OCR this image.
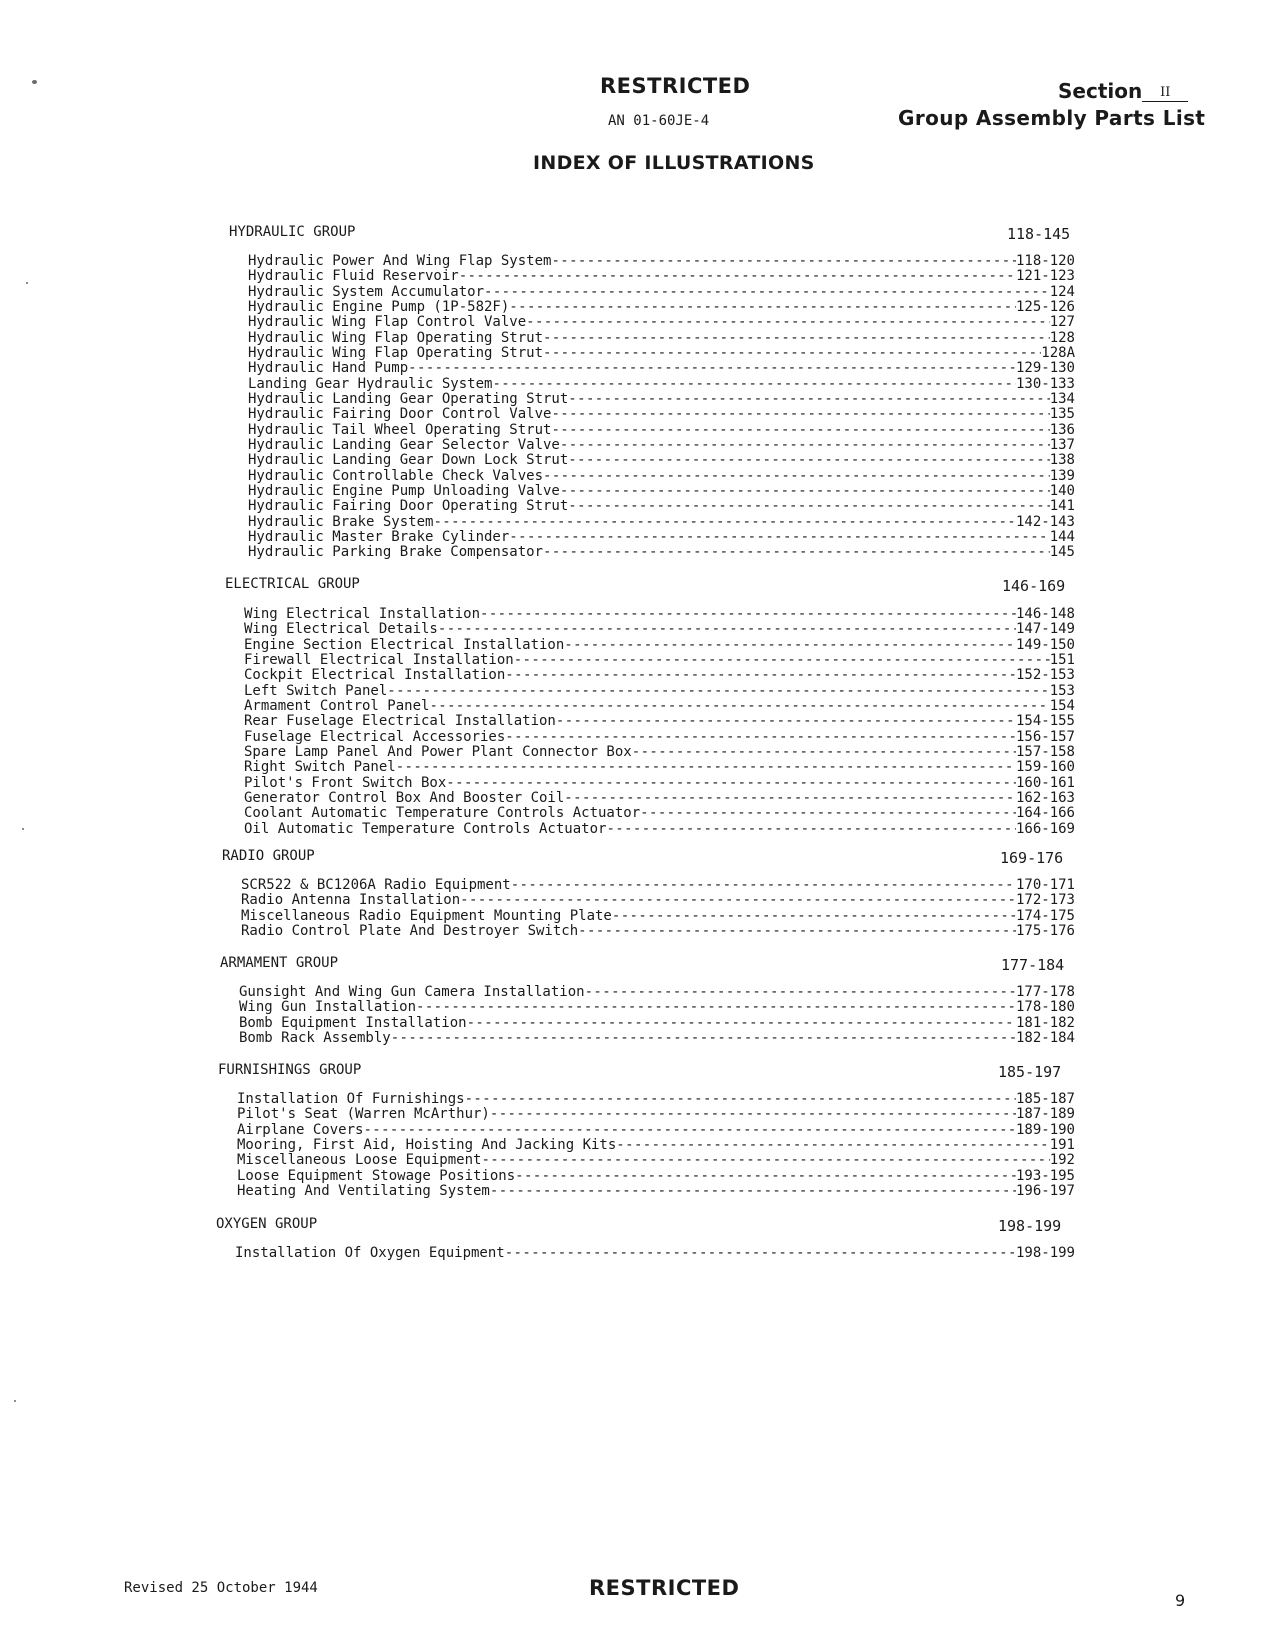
RESTRICTED
AN 01-60JE-4
Section II
Group Assembly Parts List
INDEX OF ILLUSTRATIONS
HYDRAULIC GROUP	118-145
Hydraulic Power And Wing Flap System -----	118-120
Hydraulic Fluid Reservoir -----	121-123
Hydraulic System Accumulator -----	124
Hydraulic Engine Pump (1P-582F) -----	125-126
Hydraulic Wing Flap Control Valve -----	127
Hydraulic Wing Flap Operating Strut -----	128
Hydraulic Wing Flap Operating Strut -----	128A
Hydraulic Hand Pump -----	129-130
Landing Gear Hydraulic System -----	130-133
Hydraulic Landing Gear Operating Strut -----	134
Hydraulic Fairing Door Control Valve -----	135
Hydraulic Tail Wheel Operating Strut -----	136
Hydraulic Landing Gear Selector Valve -----	137
Hydraulic Landing Gear Down Lock Strut -----	138
Hydraulic Controllable Check Valves -----	139
Hydraulic Engine Pump Unloading Valve -----	140
Hydraulic Fairing Door Operating Strut -----	141
Hydraulic Brake System -----	142-143
Hydraulic Master Brake Cylinder -----	144
Hydraulic Parking Brake Compensator -----	145
ELECTRICAL GROUP	146-169
Wing Electrical Installation -----	146-148
Wing Electrical Details -----	147-149
Engine Section Electrical Installation -----	149-150
Firewall Electrical Installation -----	151
Cockpit Electrical Installation -----	152-153
Left Switch Panel -----	153
Armament Control Panel -----	154
Rear Fuselage Electrical Installation -----	154-155
Fuselage Electrical Accessories -----	156-157
Spare Lamp Panel And Power Plant Connector Box -----	157-158
Right Switch Panel -----	159-160
Pilot's Front Switch Box -----	160-161
Generator Control Box And Booster Coil -----	162-163
Coolant Automatic Temperature Controls Actuator -----	164-166
Oil Automatic Temperature Controls Actuator -----	166-169
RADIO GROUP	169-176
SCR522 & BC1206A Radio Equipment -----	170-171
Radio Antenna Installation -----	172-173
Miscellaneous Radio Equipment Mounting Plate -----	174-175
Radio Control Plate And Destroyer Switch -----	175-176
ARMAMENT GROUP	177-184
Gunsight And Wing Gun Camera Installation -----	177-178
Wing Gun Installation -----	178-180
Bomb Equipment Installation -----	181-182
Bomb Rack Assembly -----	182-184
FURNISHINGS GROUP	185-197
Installation Of Furnishings -----	185-187
Pilot's Seat (Warren McArthur) -----	187-189
Airplane Covers -----	189-190
Mooring, First Aid, Hoisting And Jacking Kits -----	191
Miscellaneous Loose Equipment -----	192
Loose Equipment Stowage Positions -----	193-195
Heating And Ventilating System -----	196-197
OXYGEN GROUP	198-199
Installation Of Oxygen Equipment -----	198-199
Revised 25 October 1944	RESTRICTED
9
